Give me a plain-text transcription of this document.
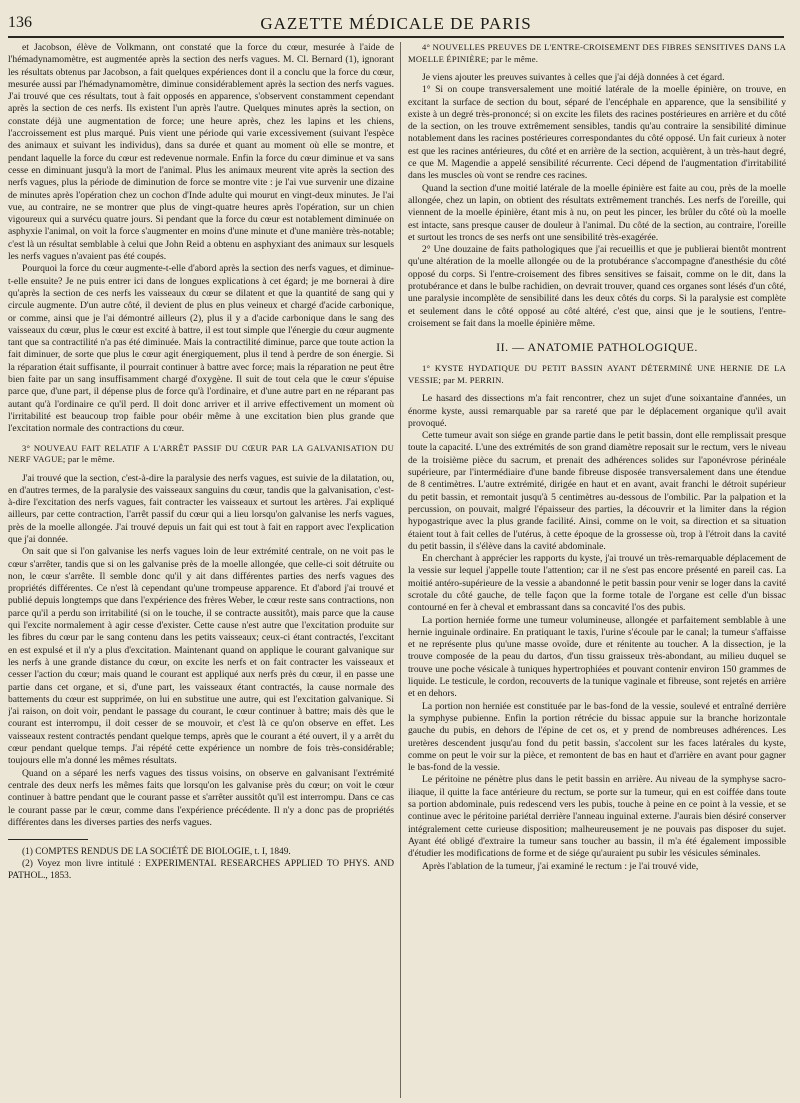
136	GAZETTE MÉDICALE DE PARIS

et Jacobson, élève de Volkmann, ont constaté que la force du cœur, mesurée à l'aide de l'hémadynamomètre, est augmentée après la section des nerfs vagues. M. Cl. Bernard (1), ignorant les résultats obtenus par Jacobson, a fait quelques expériences dont il a conclu que la force du cœur, mesurée aussi par l'hémadynamomètre, diminue considérablement après la section des nerfs vagues. J'ai trouvé que ces résultats, tout à fait opposés en apparence, s'observent constamment cependant après la section de ces nerfs. Ils existent l'un après l'autre. Quelques minutes après la section, on constate déjà une augmentation de force; une heure après, chez les lapins et les chiens, l'accroissement est plus marqué. Puis vient une période qui varie excessivement (suivant l'espèce des animaux et suivant les individus), dans sa durée et quant au moment où elle se montre, et pendant laquelle la force du cœur est redevenue normale. Enfin la force du cœur diminue et va sans cesse en diminuant jusqu'à la mort de l'animal. Plus les animaux meurent vite après la section des nerfs vagues, plus la période de diminution de force se montre vite : je l'ai vue survenir une dizaine de minutes après l'opération chez un cochon d'Inde adulte qui mourut en vingt-deux minutes. Je l'ai vue, au contraire, ne se montrer que plus de vingt-quatre heures après l'opération, sur un chien vigoureux qui a survécu quatre jours. Si pendant que la force du cœur est notablement diminuée on asphyxie l'animal, on voit la force s'augmenter en moins d'une minute et d'une manière très-notable; c'est là un résultat semblable à celui que John Reid a obtenu en asphyxiant des animaux sur lesquels les nerfs vagues n'avaient pas été coupés.

Pourquoi la force du cœur augmente-t-elle d'abord après la section des nerfs vagues, et diminue-t-elle ensuite? Je ne puis entrer ici dans de longues explications à cet égard; je me bornerai à dire qu'après la section de ces nerfs les vaisseaux du cœur se dilatent et que la quantité de sang qui y circule augmente. D'un autre côté, il devient de plus en plus veineux et chargé d'acide carbonique, or comme, ainsi que je l'ai démontré ailleurs (2), plus il y a d'acide carbonique dans le sang des vaisseaux du cœur, plus le cœur est excité à battre, il est tout simple que l'énergie du cœur augmente tant que sa contractilité n'a pas été diminuée. Mais la contractilité diminue, parce que toute action la fait diminuer, de sorte que plus le cœur agit énergiquement, plus il tend à perdre de son énergie. Si la réparation était suffisante, il pourrait continuer à battre avec force; mais la réparation ne peut être bien faite par un sang insuffisamment chargé d'oxygène. Il suit de tout cela que le cœur s'épuise parce que, d'une part, il dépense plus de force qu'à l'ordinaire, et d'une autre part en ne réparant pas autant qu'à l'ordinaire ce qu'il perd. Il doit donc arriver et il arrive effectivement un moment où l'irritabilité est beaucoup trop faible pour obéir même à une excitation bien plus grande que l'excitation normale des contractions du cœur.

3° NOUVEAU FAIT RELATIF A L'ARRÊT PASSIF DU CŒUR PAR LA GALVANISATION DU NERF VAGUE; par le même.

J'ai trouvé que la section, c'est-à-dire la paralysie des nerfs vagues, est suivie de la dilatation, ou, en d'autres termes, de la paralysie des vaisseaux sanguins du cœur, tandis que la galvanisation, c'est-à-dire l'excitation des nerfs vagues, fait contracter les vaisseaux et surtout les artères. J'ai expliqué ailleurs, par cette contraction, l'arrêt passif du cœur qui a lieu lorsqu'on galvanise les nerfs vagues, près de la moelle allongée. J'ai trouvé depuis un fait qui est tout à fait en rapport avec l'explication que j'ai donnée.

On sait que si l'on galvanise les nerfs vagues loin de leur extrémité centrale, on ne voit pas le cœur s'arrêter, tandis que si on les galvanise près de la moelle allongée, que celle-ci soit détruite ou non, le cœur s'arrête. Il semble donc qu'il y ait dans différentes parties des nerfs vagues des propriétés différentes. Ce n'est là cependant qu'une trompeuse apparence. Et d'abord j'ai trouvé et publié depuis longtemps que dans l'expérience des frères Weber, le cœur reste sans contractions, non parce qu'il a perdu son irritabilité (si on le touche, il se contracte aussitôt), mais parce que la cause qui l'excite normalement à agir cesse d'exister. Cette cause n'est autre que l'excitation produite sur les fibres du cœur par le sang contenu dans les petits vaisseaux; ceux-ci étant contractés, l'excitant en est expulsé et il n'y a plus d'excitation. Maintenant quand on applique le courant galvanique sur les nerfs à une grande distance du cœur, on excite les nerfs et on fait contracter les vaisseaux et cesser l'action du cœur; mais quand le courant est appliqué aux nerfs près du cœur, il en passe une partie dans cet organe, et si, d'une part, les vaisseaux étant contractés, la cause normale des battements du cœur est supprimée, on lui en substitue une autre, qui est l'excitation galvanique. Si j'ai raison, on doit voir, pendant le passage du courant, le cœur continuer à battre; mais dès que le courant est interrompu, il doit cesser de se mouvoir, et c'est là ce qu'on observe en effet. Les vaisseaux restent contractés pendant quelque temps, après que le courant a été ouvert, il y a arrêt du cœur pendant quelque temps. J'ai répété cette expérience un nombre de fois très-considérable; toujours elle m'a donné les mêmes résultats.

Quand on a séparé les nerfs vagues des tissus voisins, on observe en galvanisant l'extrémité centrale des deux nerfs les mêmes faits que lorsqu'on les galvanise près du cœur; on voit le cœur continuer à battre pendant que le courant passe et s'arrêter aussitôt qu'il est interrompu. Dans ce cas le courant passe par le cœur, comme dans l'expérience précédente. Il n'y a donc pas de propriétés différentes dans les diverses parties des nerfs vagues.

(1) COMPTES RENDUS DE LA SOCIÉTÉ DE BIOLOGIE, t. I, 1849.

(2) Voyez mon livre intitulé : EXPERIMENTAL RESEARCHES APPLIED TO PHYS. AND PATHOL., 1853.

4° NOUVELLES PREUVES DE L'ENTRE-CROISEMENT DES FIBRES SENSITIVES DANS LA MOELLE ÉPINIÈRE; par le même.

Je viens ajouter les preuves suivantes à celles que j'ai déjà données à cet égard.

1° Si on coupe transversalement une moitié latérale de la moelle épinière, on trouve, en excitant la surface de section du bout, séparé de l'encéphale en apparence, que la sensibilité y existe à un degré très-prononcé; si on excite les filets des racines postérieures en arrière et du côté de la section, on les trouve extrêmement sensibles, tandis qu'au contraire la sensibilité diminue notablement dans les racines postérieures correspondantes du côté opposé. Un fait curieux à noter est que les racines antérieures, du côté et en arrière de la section, acquièrent, à un très-haut degré, ce que M. Magendie a appelé sensibilité récurrente. Ceci dépend de l'augmentation d'irritabilité dans les muscles où vont se rendre ces racines.

Quand la section d'une moitié latérale de la moelle épinière est faite au cou, près de la moelle allongée, chez un lapin, on obtient des résultats extrêmement tranchés. Les nerfs de l'oreille, qui viennent de la moelle épinière, étant mis à nu, on peut les pincer, les brûler du côté où la moelle est intacte, sans presque causer de douleur à l'animal. Du côté de la section, au contraire, l'oreille et surtout les troncs de ses nerfs ont une sensibilité très-exagérée.

2° Une douzaine de faits pathologiques que j'ai recueillis et que je publierai bientôt montrent qu'une altération de la moelle allongée ou de la protubérance s'accompagne d'anesthésie du côté opposé du corps. Si l'entre-croisement des fibres sensitives se faisait, comme on le dit, dans la protubérance et dans le bulbe rachidien, on devrait trouver, quand ces organes sont lésés d'un côté, une paralysie incomplète de sensibilité dans les deux côtés du corps. Si la paralysie est complète et seulement dans le côté opposé au côté altéré, c'est que, ainsi que je le soutiens, l'entre-croisement se fait dans la moelle épinière même.

II. — ANATOMIE PATHOLOGIQUE.

1° KYSTE HYDATIQUE DU PETIT BASSIN AYANT DÉTERMINÉ UNE HERNIE DE LA VESSIE; par M. PERRIN.

Le hasard des dissections m'a fait rencontrer, chez un sujet d'une soixantaine d'années, un énorme kyste, aussi remarquable par sa rareté que par le déplacement organique qu'il avait provoqué.

Cette tumeur avait son siége en grande partie dans le petit bassin, dont elle remplissait presque toute la capacité. L'une des extrémités de son grand diamètre reposait sur le rectum, vers le niveau de la troisième pièce du sacrum, et prenait des adhérences solides sur l'aponévrose périnéale supérieure, par l'intermédiaire d'une bande fibreuse disposée transversalement dans une étendue de 8 centimètres. L'autre extrémité, dirigée en haut et en avant, avait franchi le détroit supérieur du petit bassin, et remontait jusqu'à 5 centimètres au-dessous de l'ombilic. Par la palpation et la percussion, on pouvait, malgré l'épaisseur des parties, la découvrir et la limiter dans la région hypogastrique avec la plus grande facilité. Ainsi, comme on le voit, sa direction et sa situation étaient tout à fait celles de l'utérus, à cette époque de la grossesse où, trop à l'étroit dans la cavité du petit bassin, il s'élève dans la cavité abdominale.

En cherchant à apprécier les rapports du kyste, j'ai trouvé un très-remarquable déplacement de la vessie sur lequel j'appelle toute l'attention; car il ne s'est pas encore présenté en pareil cas. La moitié antéro-supérieure de la vessie a abandonné le petit bassin pour venir se loger dans la cavité scrotale du côté gauche, de telle façon que la forme totale de l'organe est celle d'un bissac contourné en fer à cheval et embrassant dans sa concavité l'os des pubis.

La portion herniée forme une tumeur volumineuse, allongée et parfaitement semblable à une hernie inguinale ordinaire. En pratiquant le taxis, l'urine s'écoule par le canal; la tumeur s'affaisse et ne représente plus qu'une masse ovoïde, dure et rénitente au toucher. A la dissection, je la trouve composée de la peau du dartos, d'un tissu graisseux très-abondant, au milieu duquel se trouve une poche vésicale à tuniques hypertrophiées et pouvant contenir environ 150 grammes de liquide. Le testicule, le cordon, recouverts de la tunique vaginale et fibreuse, sont rejetés en arrière et en dehors.

La portion non herniée est constituée par le bas-fond de la vessie, soulevé et entraîné derrière la symphyse pubienne. Enfin la portion rétrécie du bissac appuie sur la branche horizontale gauche du pubis, en dehors de l'épine de cet os, et y prend de nombreuses adhérences. Les uretères descendent jusqu'au fond du petit bassin, s'accolent sur les faces latérales du kyste, comme on peut le voir sur la pièce, et remontent de bas en haut et d'arrière en avant pour gagner le bas-fond de la vessie.

Le péritoine ne pénètre plus dans le petit bassin en arrière. Au niveau de la symphyse sacro-iliaque, il quitte la face antérieure du rectum, se porte sur la tumeur, qui en est coiffée dans toute sa portion abdominale, puis redescend vers les pubis, touche à peine en ce point à la vessie, et se continue avec le péritoine pariétal derrière l'anneau inguinal externe. J'aurais bien désiré conserver intégralement cette curieuse disposition; malheureusement je ne pouvais pas disposer du sujet. Ayant été obligé d'extraire la tumeur sans toucher au bassin, il m'a été également impossible d'étudier les modifications de forme et de siége qu'auraient pu subir les vésicules séminales.

Après l'ablation de la tumeur, j'ai examiné le rectum : je l'ai trouvé vide,
